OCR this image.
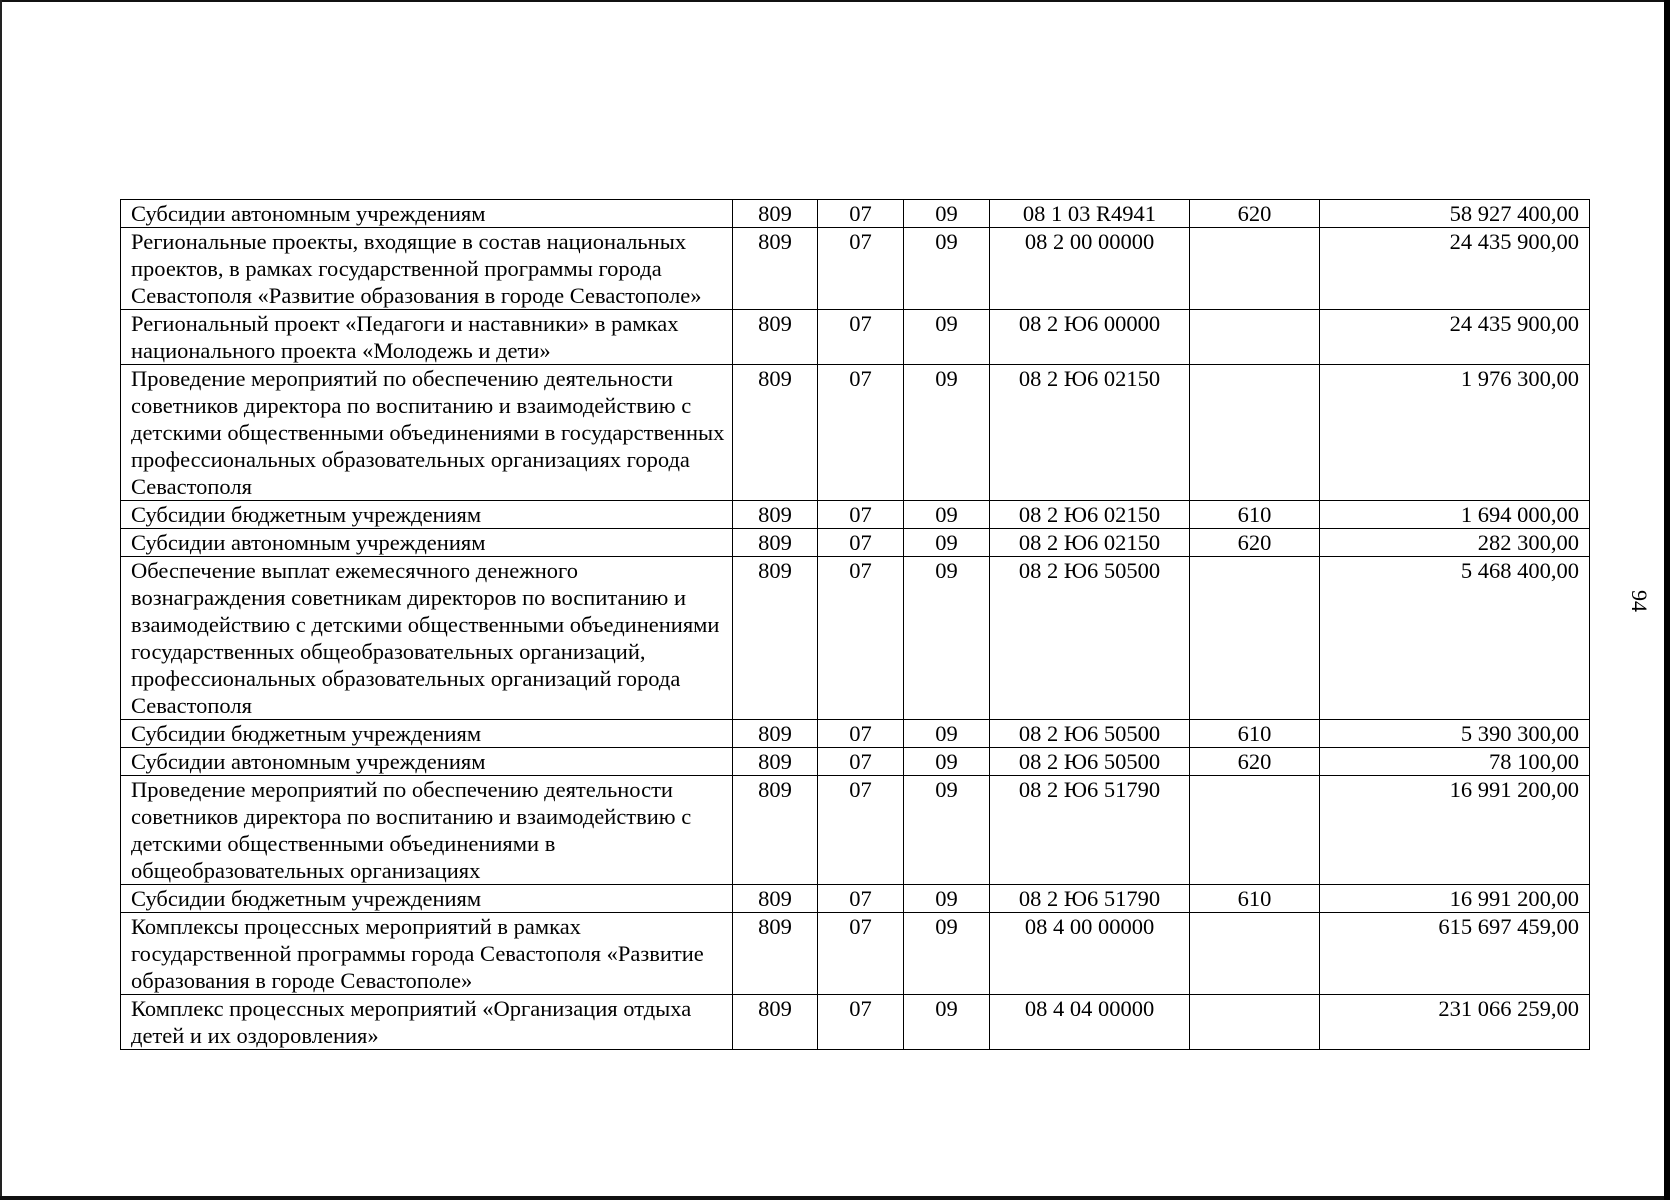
94
Субсидии автономным учреждениям	809	07	09	08 1 03 R4941	620	58 927 400,00
Региональные проекты, входящие в состав национальных проектов, в рамках государственной программы города Севастополя «Развитие образования в городе Севастополе»	809	07	09	08 2 00 00000		24 435 900,00
Региональный проект «Педагоги и наставники» в рамках национального проекта «Молодежь и дети»	809	07	09	08 2 Ю6 00000		24 435 900,00
Проведение мероприятий по обеспечению деятельности советников директора по воспитанию и взаимодействию с детскими общественными объединениями в государственных профессиональных образовательных организациях города Севастополя	809	07	09	08 2 Ю6 02150		1 976 300,00
Субсидии бюджетным учреждениям	809	07	09	08 2 Ю6 02150	610	1 694 000,00
Субсидии автономным учреждениям	809	07	09	08 2 Ю6 02150	620	282 300,00
Обеспечение выплат ежемесячного денежного вознаграждения советникам директоров по воспитанию и взаимодействию с детскими общественными объединениями государственных общеобразовательных организаций, профессиональных образовательных организаций города Севастополя	809	07	09	08 2 Ю6 50500		5 468 400,00
Субсидии бюджетным учреждениям	809	07	09	08 2 Ю6 50500	610	5 390 300,00
Субсидии автономным учреждениям	809	07	09	08 2 Ю6 50500	620	78 100,00
Проведение мероприятий по обеспечению деятельности советников директора по воспитанию и взаимодействию с детскими общественными объединениями в общеобразовательных организациях	809	07	09	08 2 Ю6 51790		16 991 200,00
Субсидии бюджетным учреждениям	809	07	09	08 2 Ю6 51790	610	16 991 200,00
Комплексы процессных мероприятий в рамках государственной программы города Севастополя «Развитие образования в городе Севастополе»	809	07	09	08 4 00 00000		615 697 459,00
Комплекс процессных мероприятий «Организация отдыха детей и их оздоровления»	809	07	09	08 4 04 00000		231 066 259,00
